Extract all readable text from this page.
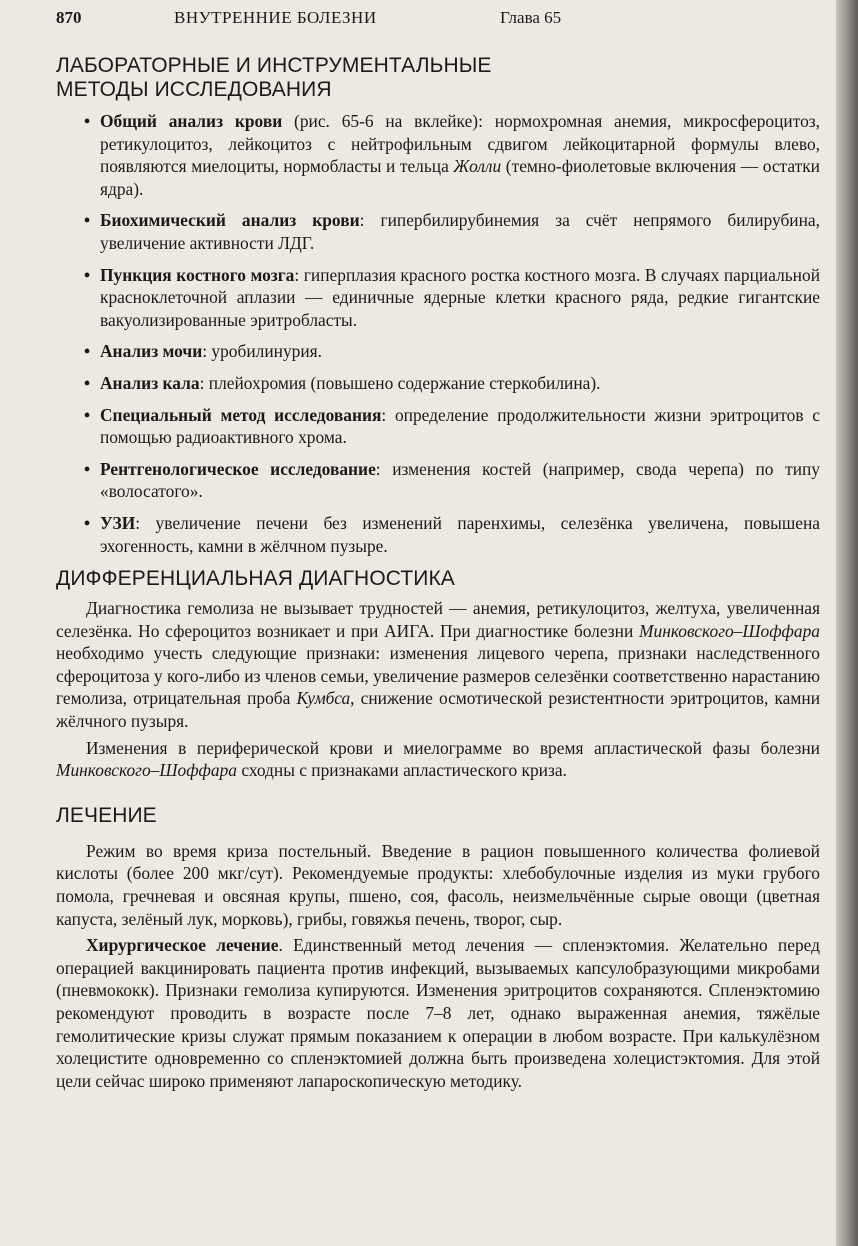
870	ВНУТРЕННИЕ БОЛЕЗНИ	Глава 65
ЛАБОРАТОРНЫЕ И ИНСТРУМЕНТАЛЬНЫЕ МЕТОДЫ ИССЛЕДОВАНИЯ
• Общий анализ крови (рис. 65-6 на вклейке): нормохромная анемия, микросфероцитоз, ретикулоцитоз, лейкоцитоз с нейтрофильным сдвигом лейкоцитарной формулы влево, появляются миелоциты, нормобласты и тельца Жолли (темно-фиолетовые включения — остатки ядра).
• Биохимический анализ крови: гипербилирубинемия за счёт непрямого билирубина, увеличение активности ЛДГ.
• Пункция костного мозга: гиперплазия красного ростка костного мозга. В случаях парциальной красноклеточной аплазии — единичные ядерные клетки красного ряда, редкие гигантские вакуолизированные эритробласты.
• Анализ мочи: уробилинурия.
• Анализ кала: плейохромия (повышено содержание стеркобилина).
• Специальный метод исследования: определение продолжительности жизни эритроцитов с помощью радиоактивного хрома.
• Рентгенологическое исследование: изменения костей (например, свода черепа) по типу «волосатого».
• УЗИ: увеличение печени без изменений паренхимы, селезёнка увеличена, повышена эхогенность, камни в жёлчном пузыре.
ДИФФЕРЕНЦИАЛЬНАЯ ДИАГНОСТИКА

Диагностика гемолиза не вызывает трудностей — анемия, ретикулоцитоз, желтуха, увеличенная селезёнка. Но сфероцитоз возникает и при АИГА. При диагностике болезни Минковского–Шоффара необходимо учесть следующие признаки: изменения лицевого черепа, признаки наследственного сфероцитоза у кого-либо из членов семьи, увеличение размеров селезёнки соответственно нарастанию гемолиза, отрицательная проба Кумбса, снижение осмотической резистентности эритроцитов, камни жёлчного пузыря.

Изменения в периферической крови и миелограмме во время апластической фазы болезни Минковского–Шоффара сходны с признаками апластического криза.

ЛЕЧЕНИЕ

Режим во время криза постельный. Введение в рацион повышенного количества фолиевой кислоты (более 200 мкг/сут). Рекомендуемые продукты: хлебобулочные изделия из муки грубого помола, гречневая и овсяная крупы, пшено, соя, фасоль, неизмельчённые сырые овощи (цветная капуста, зелёный лук, морковь), грибы, говяжья печень, творог, сыр.

Хирургическое лечение. Единственный метод лечения — спленэктомия. Желательно перед операцией вакцинировать пациента против инфекций, вызываемых капсулобразующими микробами (пневмококк). Признаки гемолиза купируются. Изменения эритроцитов сохраняются. Спленэктомию рекомендуют проводить в возрасте после 7–8 лет, однако выраженная анемия, тяжёлые гемолитические кризы служат прямым показанием к операции в любом возрасте. При калькулёзном холецистите одновременно со спленэктомией должна быть произведена холецистэктомия. Для этой цели сейчас широко применяют лапароскопическую методику.
